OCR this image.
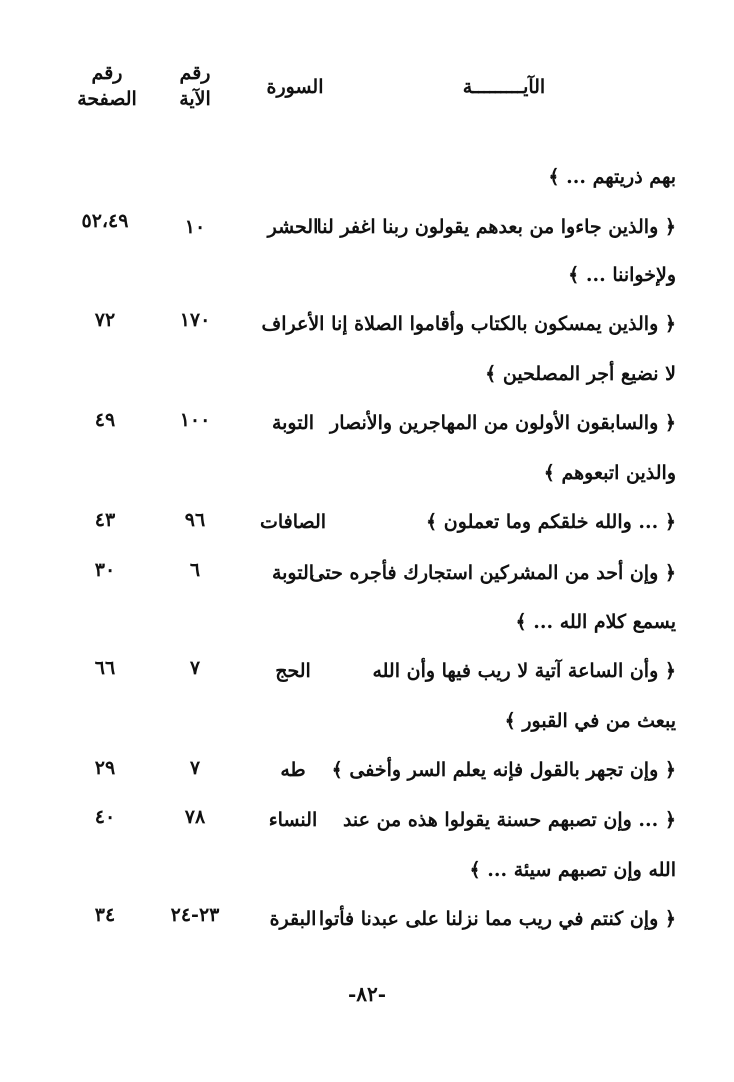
الآيـــــــــة
السورة
رقم
الآية
رقم
الصفحة
بهم ذريتهم ... ﴾
﴿ والذين جاءوا من بعدهم يقولون ربنا اغفر لنا
ولإخواننا ... ﴾
﴿ والذين يمسكون بالكتاب وأقاموا الصلاة إنا
لا نضيع أجر المصلحين ﴾
﴿ والسابقون الأولون من المهاجرين والأنصار
والذين اتبعوهم ﴾
﴿ ... والله خلقكم وما تعملون ﴾
﴿ وإن أحد من المشركين استجارك فأجره حتى
يسمع كلام الله ... ﴾
﴿ وأن الساعة آتية لا ريب فيها وأن الله
يبعث من في القبور ﴾
﴿ وإن تجهر بالقول فإنه يعلم السر وأخفى ﴾
﴿ ... وإن تصبهم حسنة يقولوا هذه من عند
الله وإن تصبهم سيئة ... ﴾
﴿ وإن كنتم في ريب مما نزلنا على عبدنا فأتوا
الحشر
١٠
٥٢،٤٩
الأعراف
١٧٠
٧٢
التوبة
١٠٠
٤٩
الصافات
٩٦
٤٣
التوبة
٦
٣٠
الحج
٧
٦٦
طه
٧
٢٩
النساء
٧٨
٤٠
البقرة
٢٣-٢٤
٣٤
-٨٢-
